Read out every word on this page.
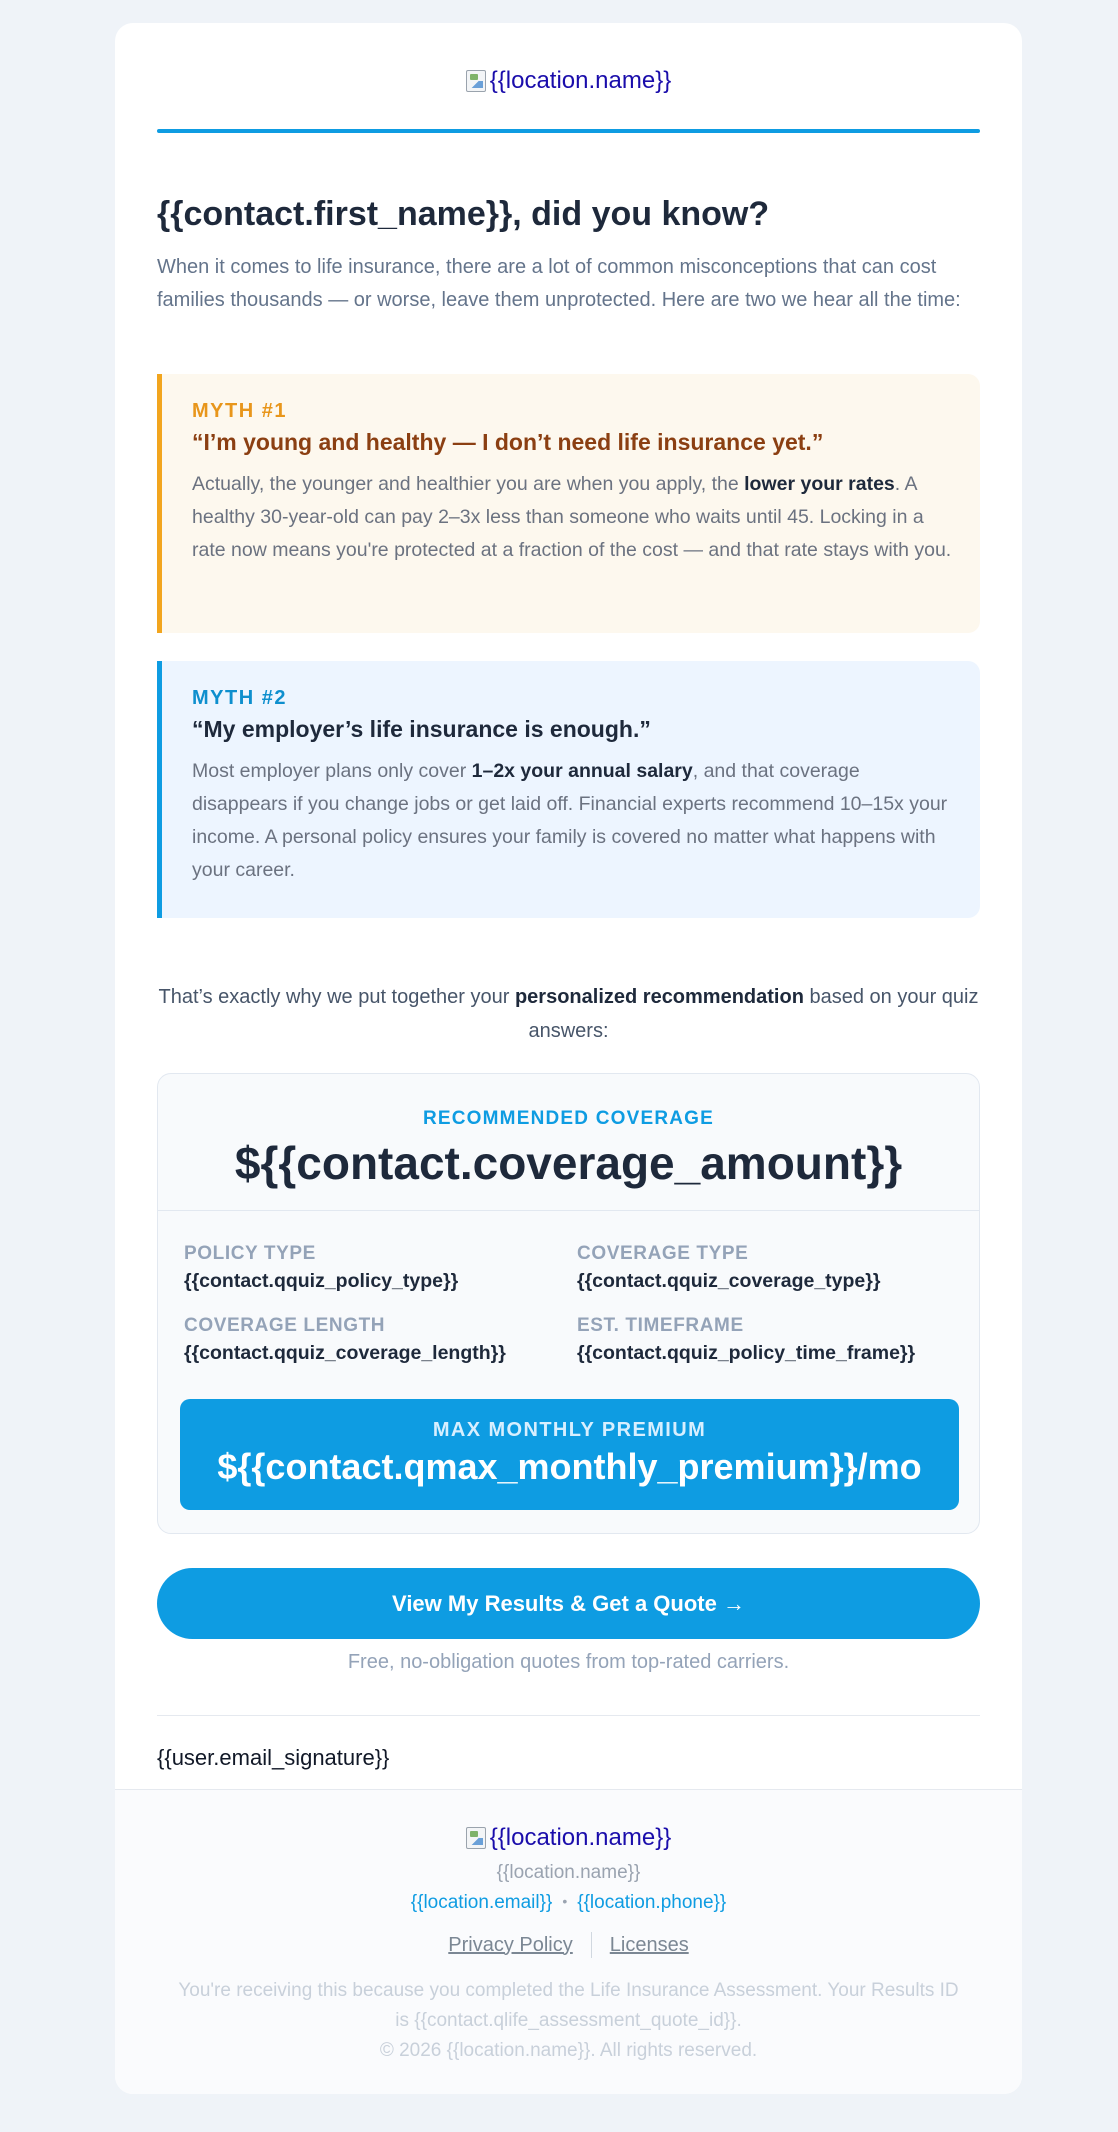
{{location.name}}
{{contact.first_name}}, did you know?
When it comes to life insurance, there are a lot of common misconceptions that can cost families thousands — or worse, leave them unprotected. Here are two we hear all the time:
MYTH #1
“I’m young and healthy — I don’t need life insurance yet.”
Actually, the younger and healthier you are when you apply, the lower your rates. A healthy 30-year-old can pay 2–3x less than someone who waits until 45. Locking in a rate now means you're protected at a fraction of the cost — and that rate stays with you.
MYTH #2
“My employer’s life insurance is enough.”
Most employer plans only cover 1–2x your annual salary, and that coverage disappears if you change jobs or get laid off. Financial experts recommend 10–15x your income. A personal policy ensures your family is covered no matter what happens with your career.
That’s exactly why we put together your personalized recommendation based on your quiz answers:
RECOMMENDED COVERAGE
${{contact.coverage_amount}}
POLICY TYPE
{{contact.qquiz_policy_type}}
COVERAGE TYPE
{{contact.qquiz_coverage_type}}
COVERAGE LENGTH
{{contact.qquiz_coverage_length}}
EST. TIMEFRAME
{{contact.qquiz_policy_time_frame}}
MAX MONTHLY PREMIUM
${{contact.qmax_monthly_premium}}/mo
View My Results & Get a Quote →
Free, no-obligation quotes from top-rated carriers.
{{user.email_signature}}
{{location.name}}
{{location.name}}
{{location.email}} • {{location.phone}}
Privacy Policy Licenses
You're receiving this because you completed the Life Insurance Assessment. Your Results ID is {{contact.qlife_assessment_quote_id}}.
© 2026 {{location.name}}. All rights reserved.
